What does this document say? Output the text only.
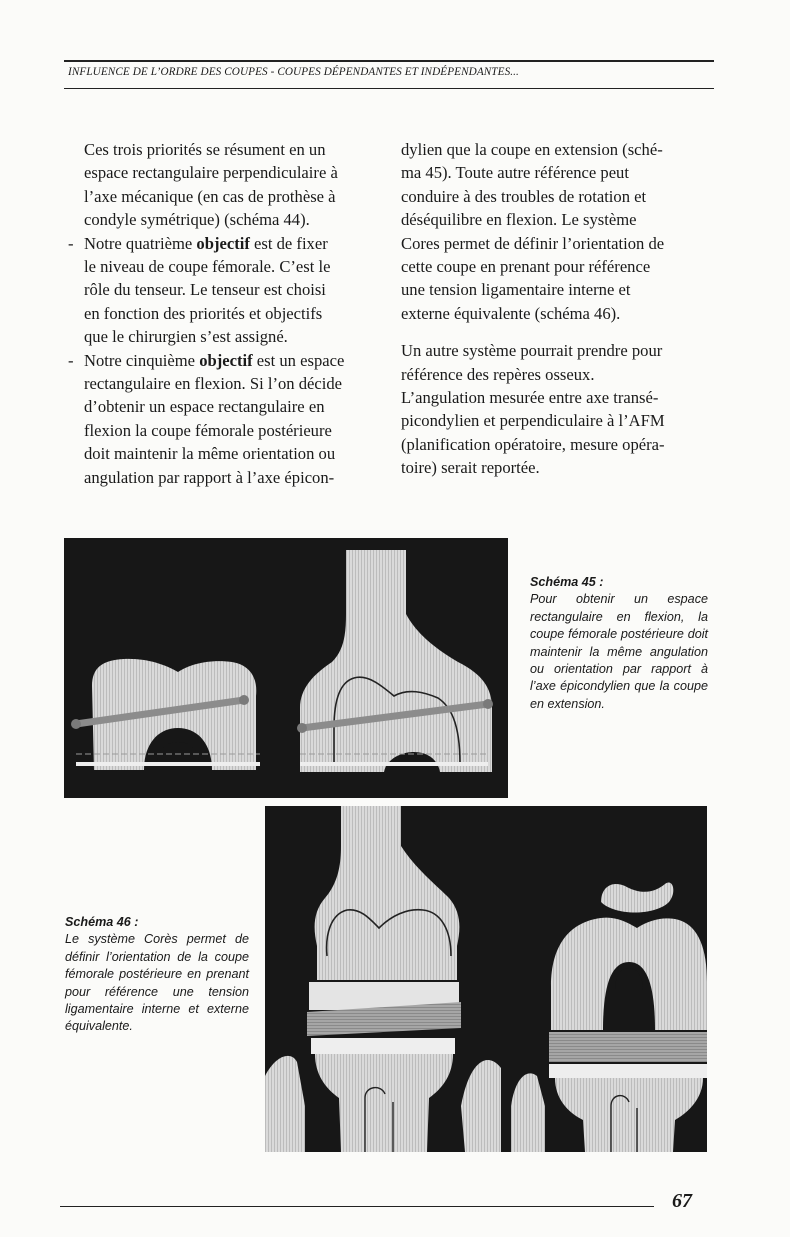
INFLUENCE DE L’ORDRE DES COUPES - COUPES DÉPENDANTES ET INDÉPENDANTES...

Ces trois priorités se résument en un
espace rectangulaire perpendiculaire à
l’axe mécanique (en cas de prothèse à
condyle symétrique) (schéma 44).

- Notre quatrième objectif est de fixer
le niveau de coupe fémorale. C’est le
rôle du tenseur. Le tenseur est choisi
en fonction des priorités et objectifs
que le chirurgien s’est assigné.

- Notre cinquième objectif est un espace
rectangulaire en flexion. Si l’on décide
d’obtenir un espace rectangulaire en
flexion la coupe fémorale postérieure
doit maintenir la même orientation ou
angulation par rapport à l’axe épicon-

dylien que la coupe en extension (sché-
ma 45). Toute autre référence peut
conduire à des troubles de rotation et
déséquilibre en flexion. Le système
Cores permet de définir l’orientation de
cette coupe en prenant pour référence
une tension ligamentaire interne et
externe équivalente (schéma 46).

Un autre système pourrait prendre pour
référence des repères osseux.

L’angulation mesurée entre axe transé-
picondylien et perpendiculaire à l’AFM
(planification opératoire, mesure opéra-
toire) serait reportée.

Schéma 45 :
Pour obtenir un espace rectangulaire en flexion, la coupe fémorale postérieure doit maintenir la même angulation ou orientation par rapport à l’axe épicondylien que la coupe en extension.
Schéma 46 :
Le système Corès permet de définir l’orientation de la coupe fémorale postérieure en prenant pour référence une tension ligamentaire interne et externe équivalente.
67
